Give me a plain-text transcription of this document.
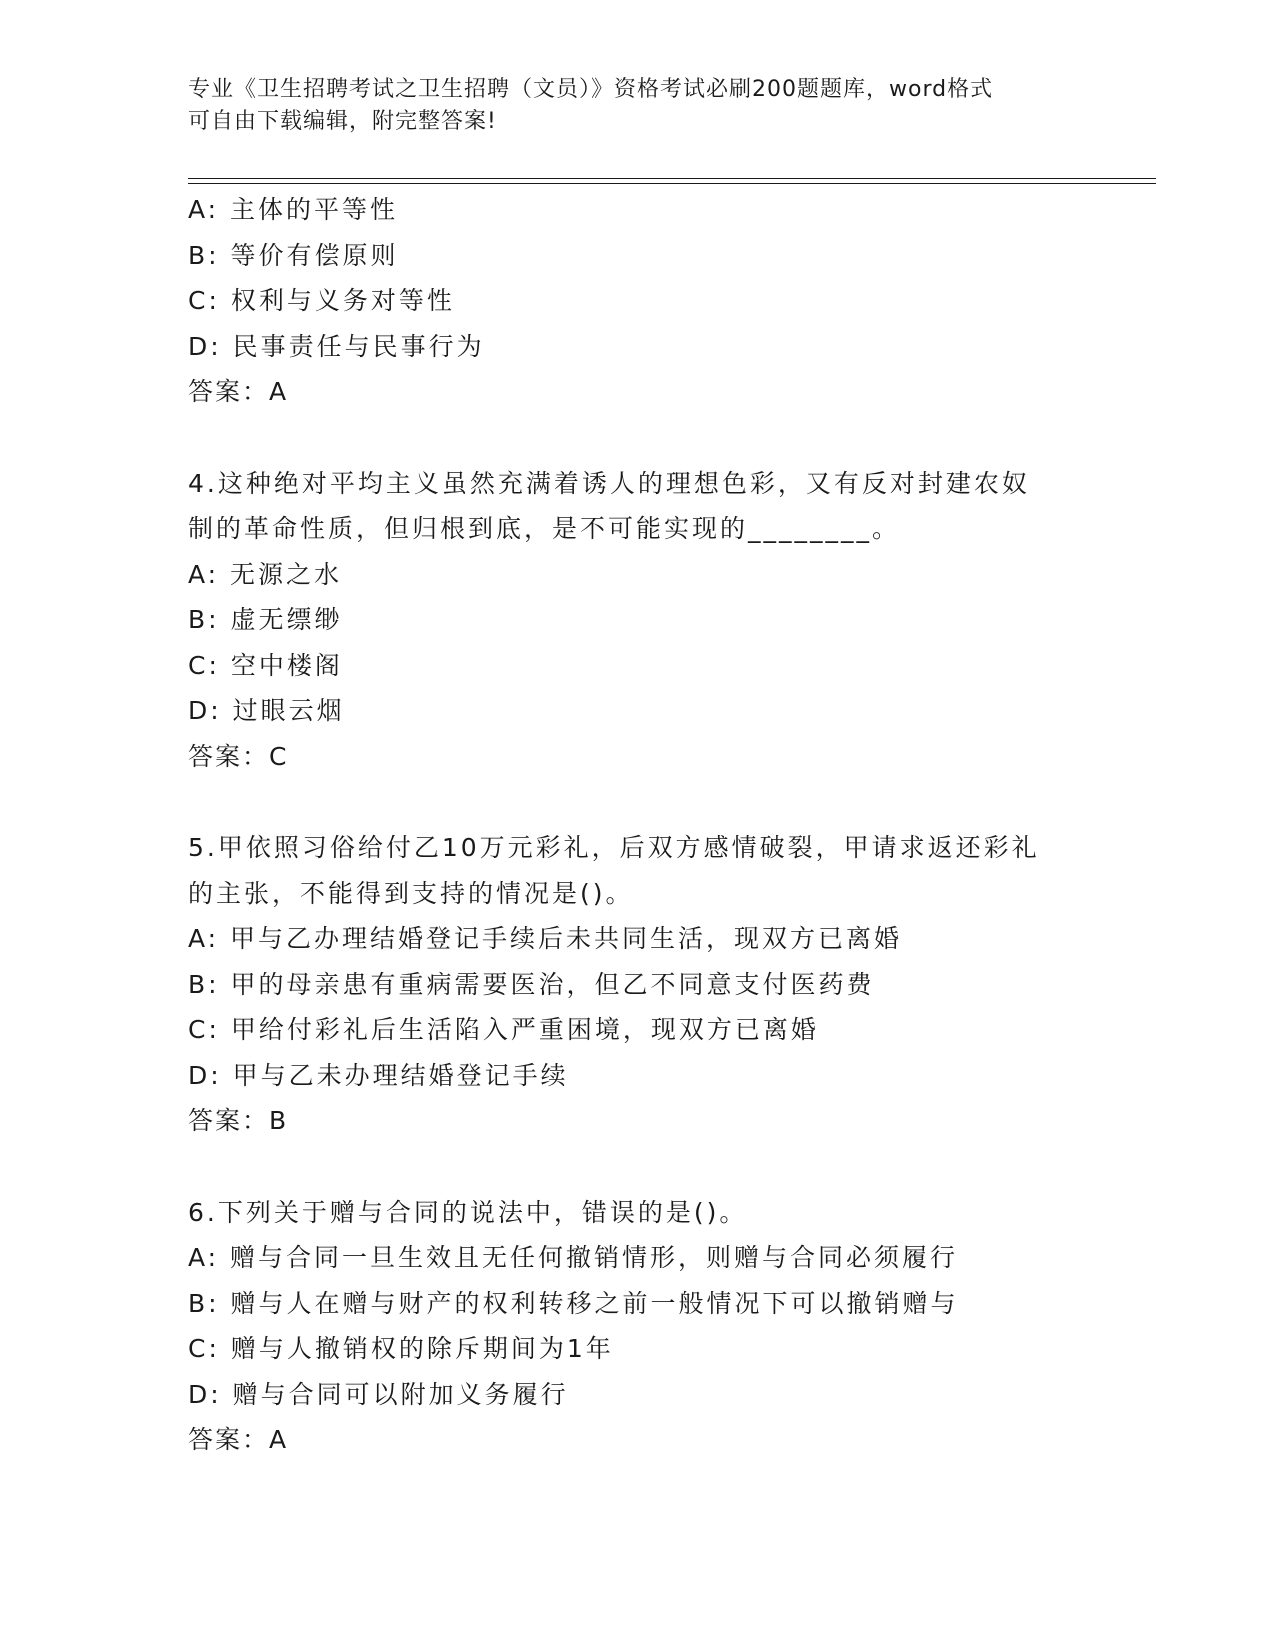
专业《卫生招聘考试之卫生招聘（文员）》资格考试必刷200题题库，word格式
可自由下载编辑，附完整答案!
A: 主体的平等性
B: 等价有偿原则
C: 权利与义务对等性
D: 民事责任与民事行为
答案：A
4.这种绝对平均主义虽然充满着诱人的理想色彩，又有反对封建农奴
制的革命性质，但归根到底，是不可能实现的________。
A: 无源之水
B: 虚无缥缈
C: 空中楼阁
D: 过眼云烟
答案：C
5.甲依照习俗给付乙10万元彩礼，后双方感情破裂，甲请求返还彩礼
的主张，不能得到支持的情况是()。
A: 甲与乙办理结婚登记手续后未共同生活，现双方已离婚
B: 甲的母亲患有重病需要医治，但乙不同意支付医药费
C: 甲给付彩礼后生活陷入严重困境，现双方已离婚
D: 甲与乙未办理结婚登记手续
答案：B
6.下列关于赠与合同的说法中，错误的是()。
A: 赠与合同一旦生效且无任何撤销情形，则赠与合同必须履行
B: 赠与人在赠与财产的权利转移之前一般情况下可以撤销赠与
C: 赠与人撤销权的除斥期间为1年
D: 赠与合同可以附加义务履行
答案：A
